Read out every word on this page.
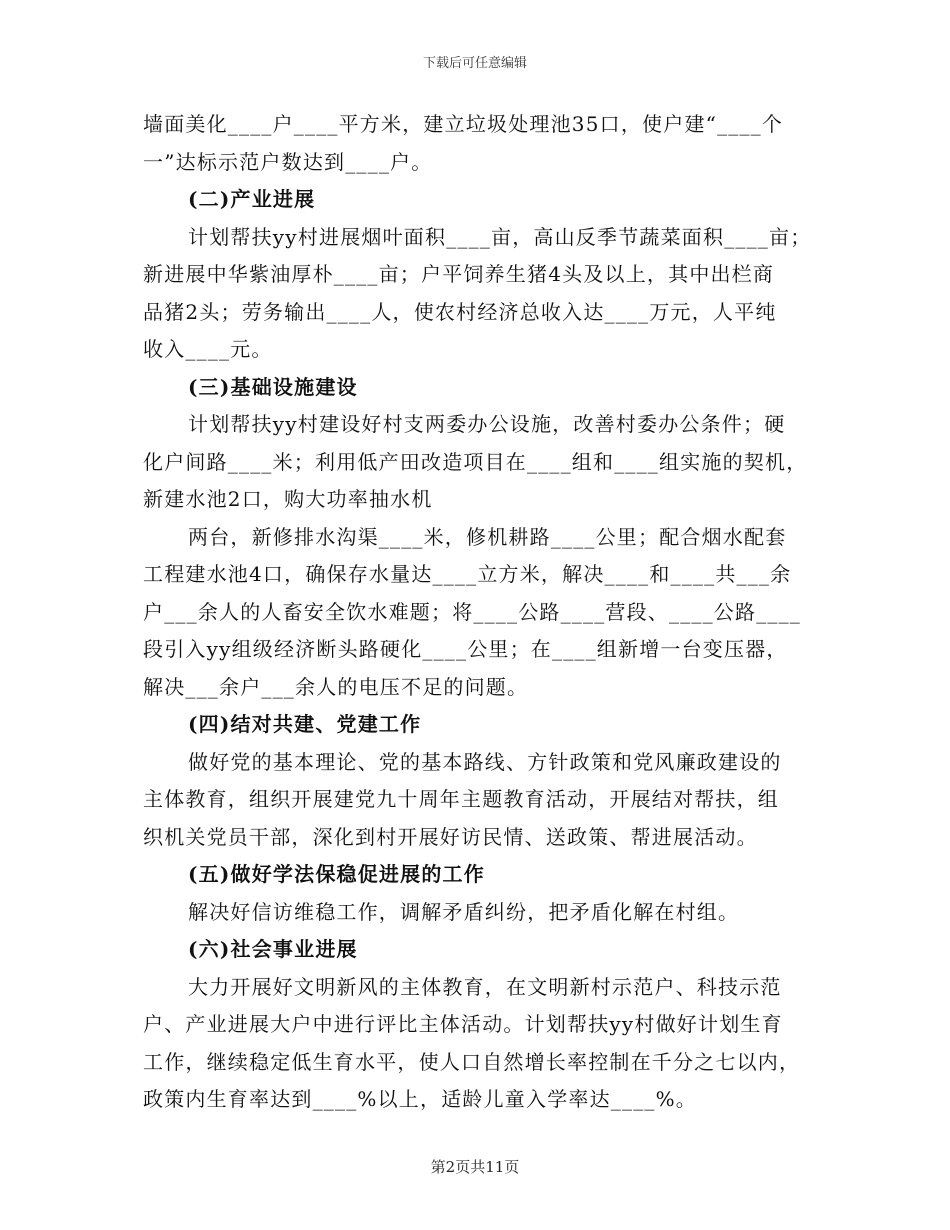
下载后可任意编辑
墙面美化____户____平方米，建立垃圾处理池35口，使户建“____个
一”达标示范户数达到____户。
(二)产业进展
计划帮扶yy村进展烟叶面积____亩，高山反季节蔬菜面积____亩；
新进展中华紫油厚朴____亩；户平饲养生猪4头及以上，其中出栏商
品猪2头；劳务输出____人，使农村经济总收入达____万元，人平纯
收入____元。
(三)基础设施建设
计划帮扶yy村建设好村支两委办公设施，改善村委办公条件；硬
化户间路____米；利用低产田改造项目在____组和____组实施的契机，
新建水池2口，购大功率抽水机
两台，新修排水沟渠____米，修机耕路____公里；配合烟水配套
工程建水池4口，确保存水量达____立方米，解决____和____共___余
户___余人的人畜安全饮水难题；将____公路____营段、____公路____
段引入yy组级经济断头路硬化____公里；在____组新增一台变压器，
解决___余户___余人的电压不足的问题。
(四)结对共建、党建工作
做好党的基本理论、党的基本路线、方针政策和党风廉政建设的
主体教育，组织开展建党九十周年主题教育活动，开展结对帮扶，组
织机关党员干部，深化到村开展好访民情、送政策、帮进展活动。
(五)做好学法保稳促进展的工作
解决好信访维稳工作，调解矛盾纠纷，把矛盾化解在村组。
(六)社会事业进展
大力开展好文明新风的主体教育，在文明新村示范户、科技示范
户、产业进展大户中进行评比主体活动。计划帮扶yy村做好计划生育
工作，继续稳定低生育水平，使人口自然增长率控制在千分之七以内，
政策内生育率达到____%以上，适龄儿童入学率达____%。
第2页共11页
